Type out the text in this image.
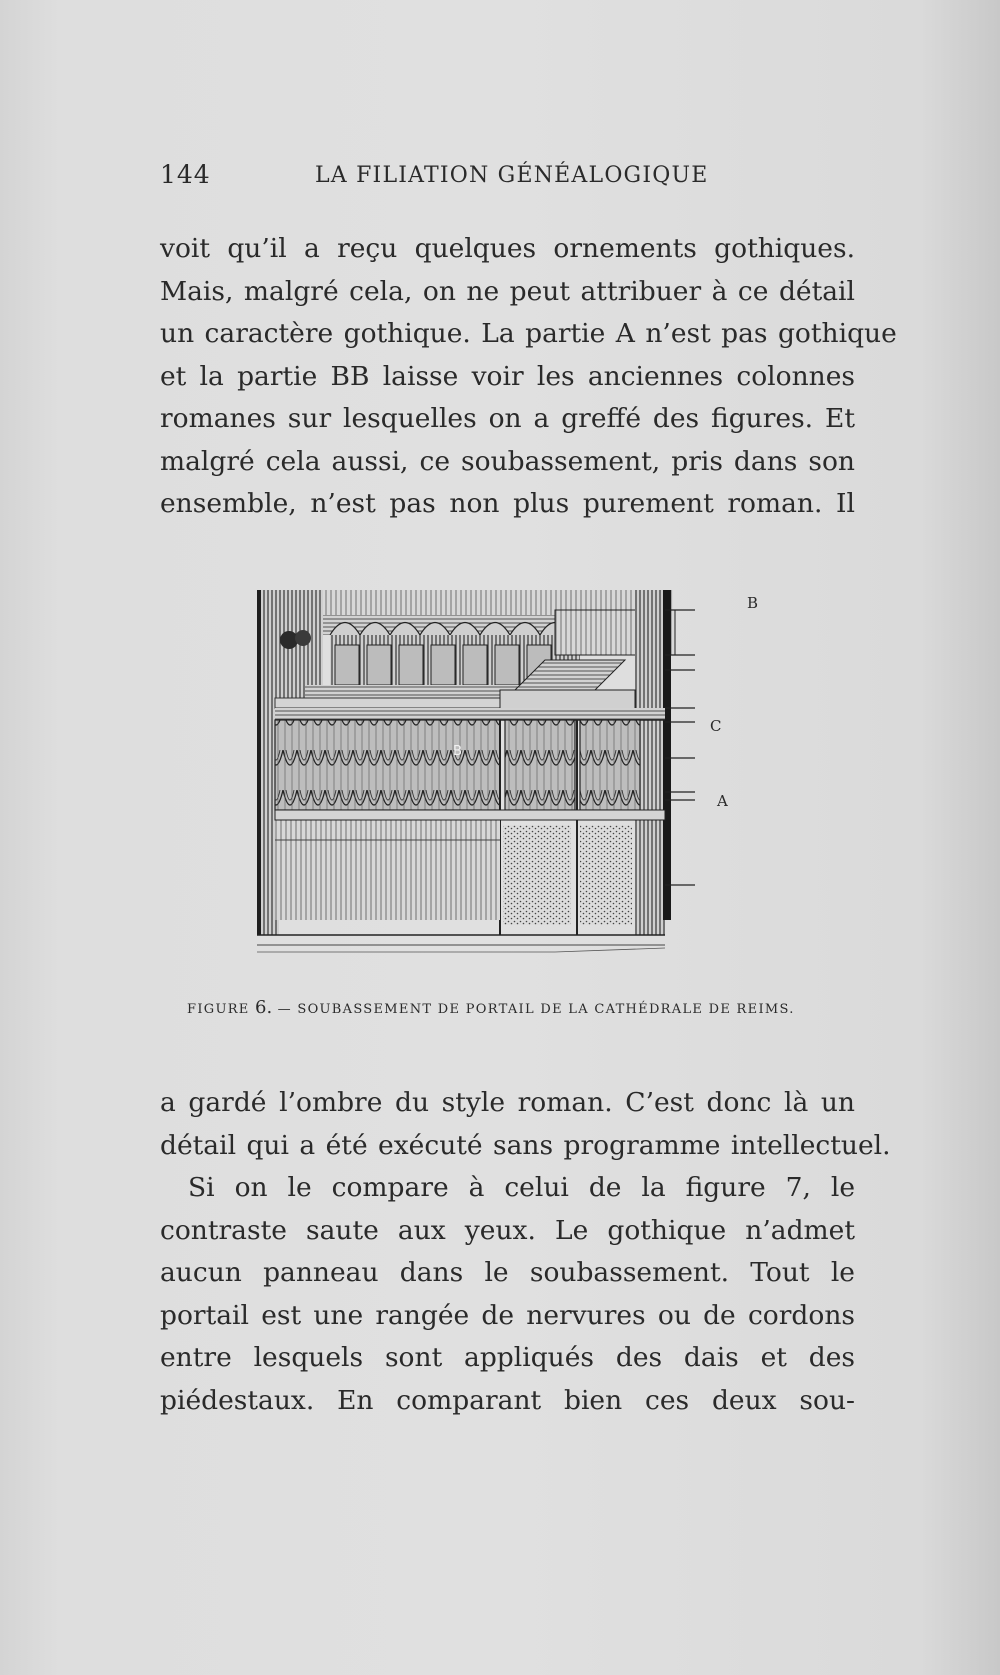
144	LA FILIATION GÉNÉALOGIQUE
voit qu’il a reçu quelques ornements gothiques.
Mais, malgré cela, on ne peut attribuer à ce détail
un caractère gothique. La partie A n’est pas gothique
et la partie BB laisse voir les anciennes colonnes
romanes sur lesquelles on a greffé des figures. Et
malgré cela aussi, ce soubassement, pris dans son
ensemble, n’est pas non plus purement roman. Il
B
B
C
A
FIGURE 6. — SOUBASSEMENT DE PORTAIL DE LA CATHÉDRALE DE REIMS.
a gardé l’ombre du style roman. C’est donc là un
détail qui a été exécuté sans programme intellectuel.
Si on le compare à celui de la figure 7, le
contraste saute aux yeux. Le gothique n’admet
aucun panneau dans le soubassement. Tout le
portail est une rangée de nervures ou de cordons
entre lesquels sont appliqués des dais et des
piédestaux. En comparant bien ces deux sou-
